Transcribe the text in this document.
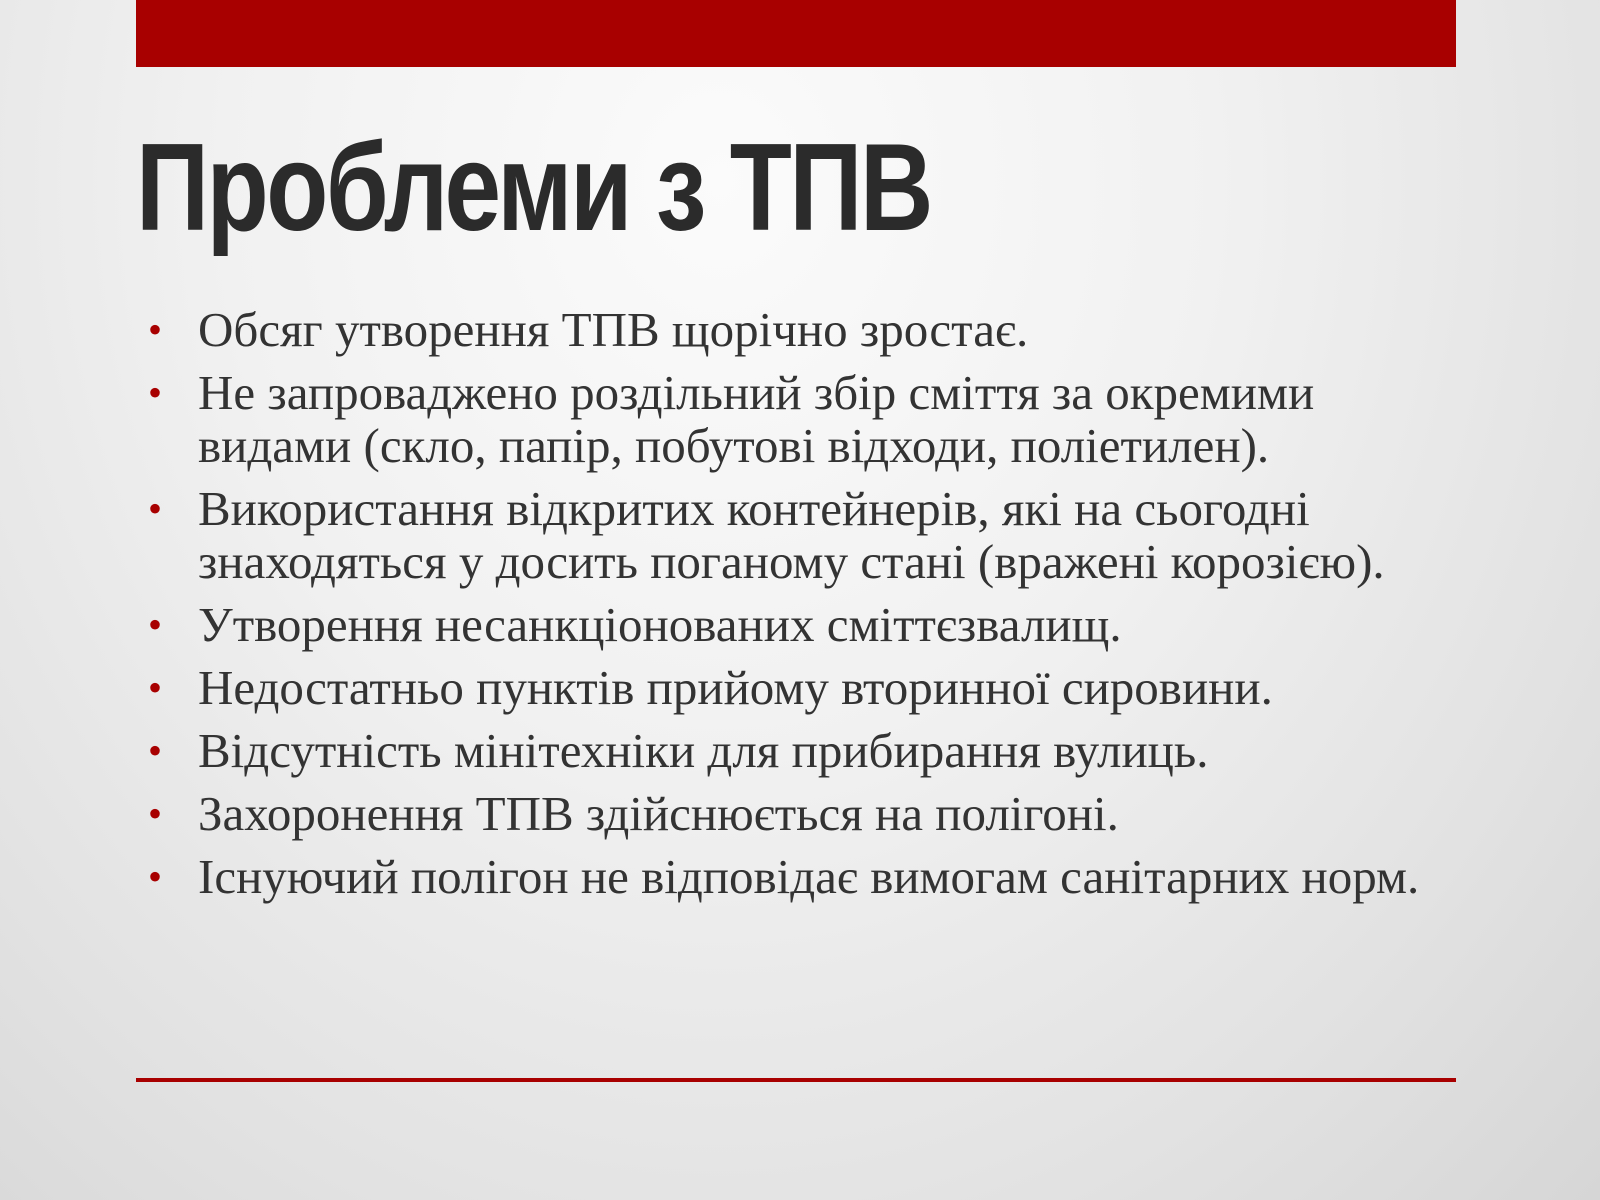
Проблеми з ТПВ
• Обсяг утворення ТПВ щорічно зростає.
• Не запроваджено роздільний збір сміття за окремими видами (скло, папір, побутові відходи, поліетилен).
• Використання відкритих контейнерів, які на сьогодні знаходяться у досить поганому стані (вражені корозією).
• Утворення несанкціонованих сміттєзвалищ.
• Недостатньо пунктів прийому вторинної сировини.
• Відсутність мінітехніки для прибирання вулиць.
• Захоронення ТПВ здійснюється на полігоні.
• Існуючий полігон не відповідає вимогам санітарних норм.
